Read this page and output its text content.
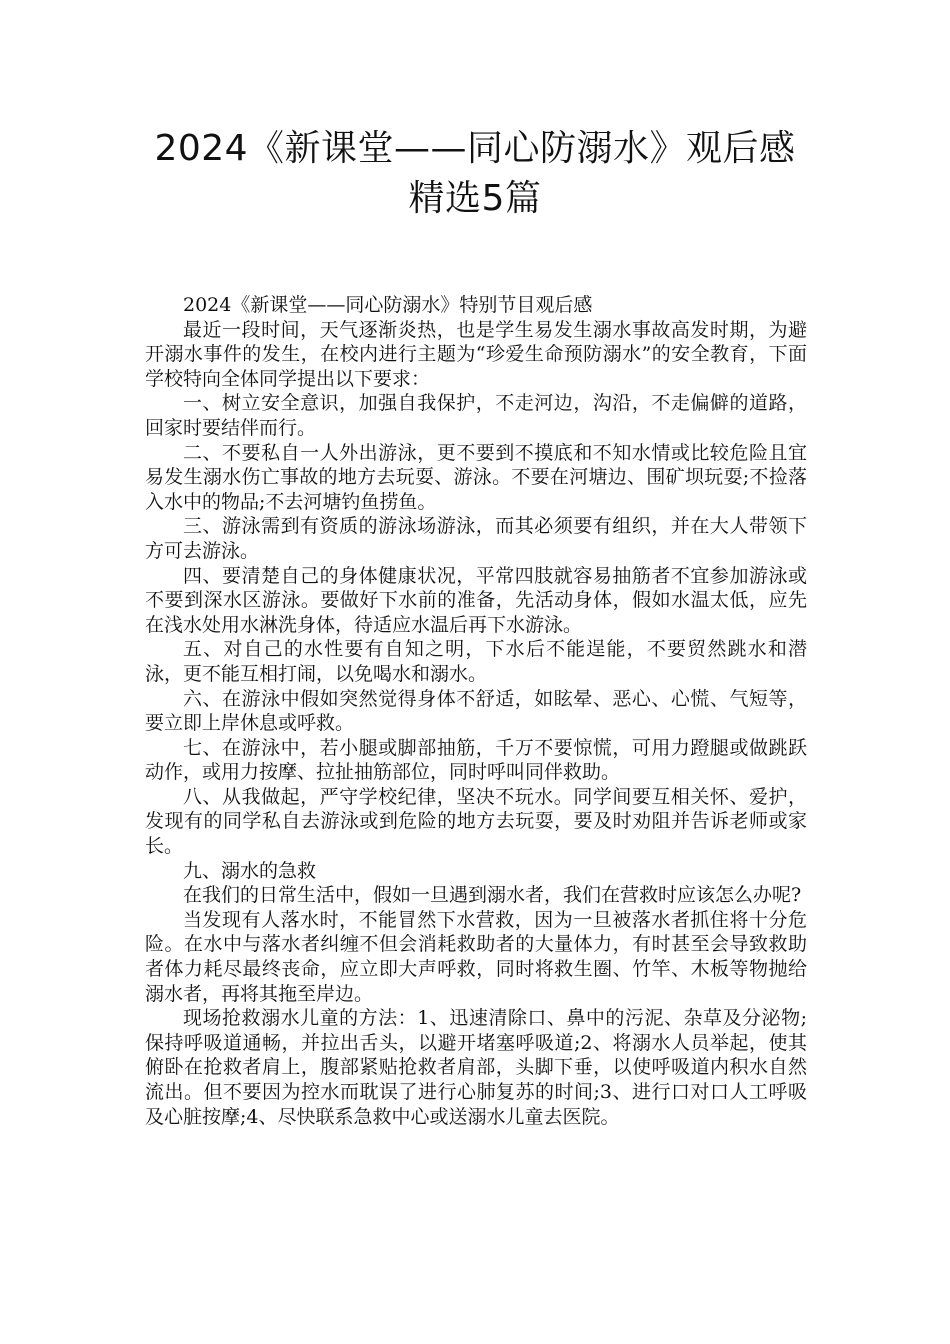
2024《新课堂——同心防溺水》观后感
精选5篇

2024《新课堂——同心防溺水》特别节目观后感

最近一段时间，天气逐渐炎热，也是学生易发生溺水事故高发时期，为避开溺水事件的发生，在校内进行主题为“珍爱生命预防溺水”的安全教育，下面学校特向全体同学提出以下要求：

一、树立安全意识，加强自我保护，不走河边，沟沿，不走偏僻的道路，回家时要结伴而行。

二、不要私自一人外出游泳，更不要到不摸底和不知水情或比较危险且宜易发生溺水伤亡事故的地方去玩耍、游泳。不要在河塘边、围矿坝玩耍;不捡落入水中的物品;不去河塘钓鱼捞鱼。

三、游泳需到有资质的游泳场游泳，而其必须要有组织，并在大人带领下方可去游泳。

四、要清楚自己的身体健康状况，平常四肢就容易抽筋者不宜参加游泳或不要到深水区游泳。要做好下水前的准备，先活动身体，假如水温太低，应先在浅水处用水淋洗身体，待适应水温后再下水游泳。

五、对自己的水性要有自知之明，下水后不能逞能，不要贸然跳水和潜泳，更不能互相打闹，以免喝水和溺水。

六、在游泳中假如突然觉得身体不舒适，如眩晕、恶心、心慌、气短等，要立即上岸休息或呼救。

七、在游泳中，若小腿或脚部抽筋，千万不要惊慌，可用力蹬腿或做跳跃动作，或用力按摩、拉扯抽筋部位，同时呼叫同伴救助。

八、从我做起，严守学校纪律，坚决不玩水。同学间要互相关怀、爱护，发现有的同学私自去游泳或到危险的地方去玩耍，要及时劝阻并告诉老师或家长。

九、溺水的急救

在我们的日常生活中，假如一旦遇到溺水者，我们在营救时应该怎么办呢?

当发现有人落水时，不能冒然下水营救，因为一旦被落水者抓住将十分危险。在水中与落水者纠缠不但会消耗救助者的大量体力，有时甚至会导致救助者体力耗尽最终丧命，应立即大声呼救，同时将救生圈、竹竿、木板等物抛给溺水者，再将其拖至岸边。

现场抢救溺水儿童的方法：1、迅速清除口、鼻中的污泥、杂草及分泌物;保持呼吸道通畅，并拉出舌头，以避开堵塞呼吸道;2、将溺水人员举起，使其俯卧在抢救者肩上，腹部紧贴抢救者肩部，头脚下垂，以使呼吸道内积水自然流出。但不要因为控水而耽误了进行心肺复苏的时间;3、进行口对口人工呼吸及心脏按摩;4、尽快联系急救中心或送溺水儿童去医院。
